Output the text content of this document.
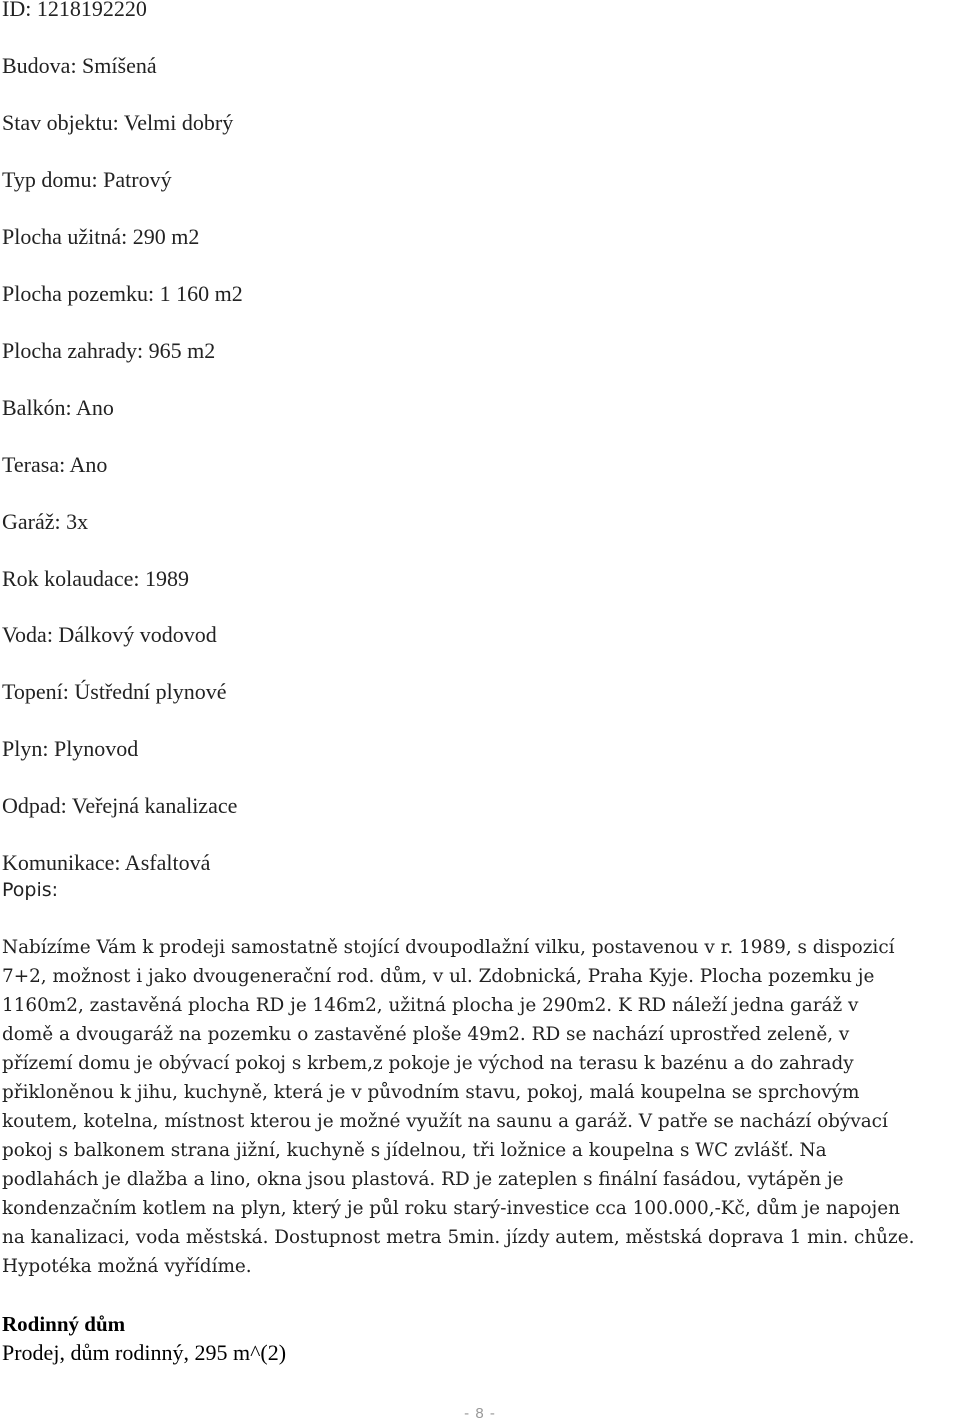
ID: 1218192220
Budova: Smíšená
Stav objektu: Velmi dobrý
Typ domu: Patrový
Plocha užitná: 290 m2
Plocha pozemku: 1 160 m2
Plocha zahrady: 965 m2
Balkón: Ano
Terasa: Ano
Garáž: 3x
Rok kolaudace: 1989
Voda: Dálkový vodovod
Topení: Ústřední plynové
Plyn: Plynovod
Odpad: Veřejná kanalizace
Komunikace: Asfaltová
Popis:
Nabízíme Vám k prodeji samostatně stojící dvoupodlažní vilku, postavenou v r. 1989, s dispozicí
7+2, možnost i jako dvougenerační rod. dům, v ul. Zdobnická, Praha Kyje. Plocha pozemku je
1160m2, zastavěná plocha RD je 146m2, užitná plocha je 290m2. K RD náleží jedna garáž v
domě a dvougaráž na pozemku o zastavěné ploše 49m2. RD se nachází uprostřed zeleně, v
přízemí domu je obývací pokoj s krbem,z pokoje je východ na terasu k bazénu a do zahrady
přikloněnou k jihu, kuchyně, která je v původním stavu, pokoj, malá koupelna se sprchovým
koutem, kotelna, místnost kterou je možné využít na saunu a garáž. V patře se nachází obývací
pokoj s balkonem strana jižní, kuchyně s jídelnou, tři ložnice a koupelna s WC zvlášť. Na
podlahách je dlažba a lino, okna jsou plastová. RD je zateplen s finální fasádou, vytápěn je
kondenzačním kotlem na plyn, který je půl roku starý-investice cca 100.000,-Kč, dům je napojen
na kanalizaci, voda městská. Dostupnost metra 5min. jízdy autem, městská doprava 1 min. chůze.
Hypotéka možná vyřídíme.
Rodinný dům
Prodej, dům rodinný, 295 m^(2)
- 8 -
